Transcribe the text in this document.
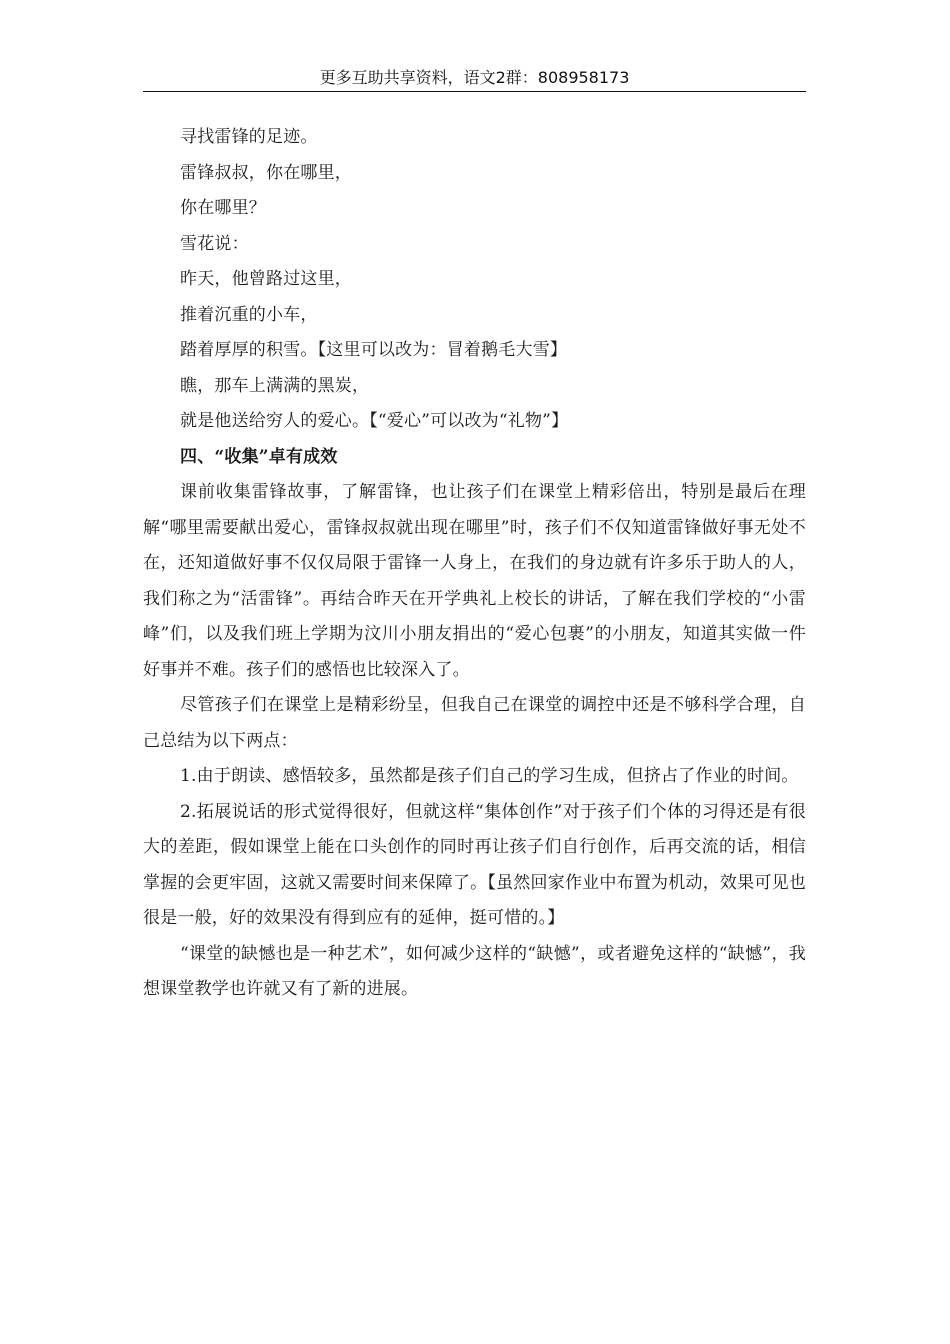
更多互助共享资料，语文2群：808958173

寻找雷锋的足迹。

雷锋叔叔，你在哪里，

你在哪里？

雪花说：

昨天，他曾路过这里，

推着沉重的小车，

踏着厚厚的积雪。【这里可以改为：冒着鹅毛大雪】

瞧，那车上满满的黑炭，

就是他送给穷人的爱心。【“爱心”可以改为“礼物”】

四、“收集”卓有成效

课前收集雷锋故事，了解雷锋，也让孩子们在课堂上精彩倍出，特别是最后在理解“哪里需要献出爱心，雷锋叔叔就出现在哪里”时，孩子们不仅知道雷锋做好事无处不在，还知道做好事不仅仅局限于雷锋一人身上，在我们的身边就有许多乐于助人的人，我们称之为“活雷锋”。再结合昨天在开学典礼上校长的讲话，了解在我们学校的“小雷峰”们，以及我们班上学期为汶川小朋友捐出的“爱心包裹”的小朋友，知道其实做一件好事并不难。孩子们的感悟也比较深入了。

尽管孩子们在课堂上是精彩纷呈，但我自己在课堂的调控中还是不够科学合理，自己总结为以下两点：

1.由于朗读、感悟较多，虽然都是孩子们自己的学习生成，但挤占了作业的时间。

2.拓展说话的形式觉得很好，但就这样“集体创作”对于孩子们个体的习得还是有很大的差距，假如课堂上能在口头创作的同时再让孩子们自行创作，后再交流的话，相信掌握的会更牢固，这就又需要时间来保障了。【虽然回家作业中布置为机动，效果可见也很是一般，好的效果没有得到应有的延伸，挺可惜的。】

“课堂的缺憾也是一种艺术”，如何减少这样的“缺憾”，或者避免这样的“缺憾”，我想课堂教学也许就又有了新的进展。
